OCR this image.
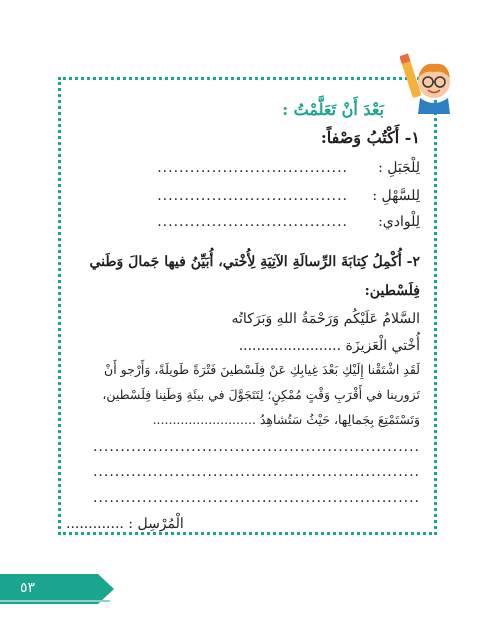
بَعْدَ أَنْ تَعَلَّمْتُ :
١- أَكْتُبُ وَصْفاً:
لِلْجَبَلِ :
...................................
لِلسَّهْلِ :
...................................
لِلْوادي:
...................................
٢- أُكْمِلُ كِتابَةَ الرِّسالَةِ الآتِيَةِ لِأُخْتي، أُبَيِّنُ فيها جَمالَ وَطَني
فِلَسْطين:
السَّلامُ عَلَيْكُم وَرَحْمَةُ اللهِ وَبَرَكاتُه
أُخْتي الْعَزيزَة .......................
لَقَدِ اشْتَقْنا إِلَيْكِ بَعْدَ غِيابِكِ عَنْ فِلَسْطينَ فَتْرَةً طَويلَةً، وَأَرْجو أَنْ
تَزورينا في أَقْرَبِ وَقْتٍ مُمْكِنٍ؛ لِتَتَجَوَّلَ في بيئَةِ وَطَنِنا فِلَسْطين،
وَتَسْتَمْتِعَ بِجَمالِها، حَيْثُ سَتُشاهِدُ ..........................
............................................................
............................................................
............................................................
الْمُرْسِل : .............
٥٣
